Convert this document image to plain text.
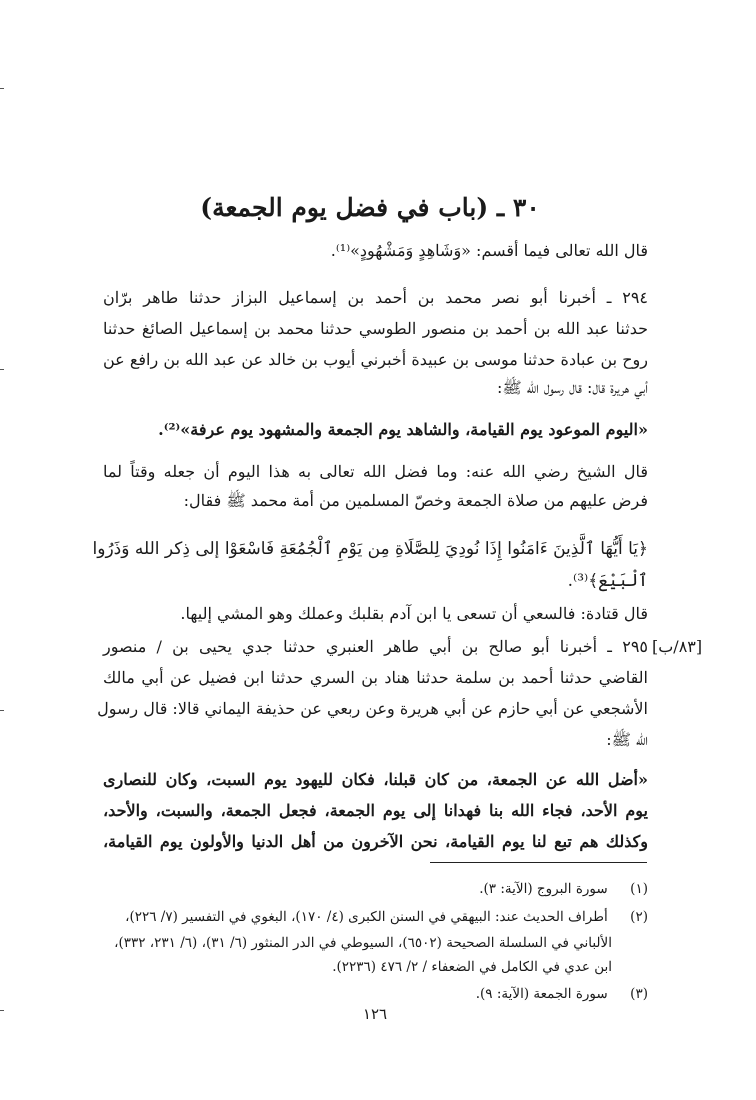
٣٠ ـ (باب في فضل يوم الجمعة)
قال الله تعالى فيما أقسم: «وَشَاهِدٍ وَمَشْهُودٍ»⁽¹⁾.
٢٩٤ ـ أخبرنا أبو نصر محمد بن أحمد بن إسماعيل البزاز حدثنا طاهر برّان
حدثنا عبد الله بن أحمد بن منصور الطوسي حدثنا محمد بن إسماعيل الصائغ حدثنا
روح بن عبادة حدثنا موسى بن عبيدة أخبرني أيوب بن خالد عن عبد الله بن رافع عن
أبي هريرة قال: قال رسول الله ﷺ:
«اليوم الموعود يوم القيامة، والشاهد يوم الجمعة والمشهود يوم عرفة»⁽²⁾.
قال الشيخ رضي الله عنه: وما فضل الله تعالى به هذا اليوم أن جعله وقتاً لما
فرض عليهم من صلاة الجمعة وخصّ المسلمين من أمة محمد ﷺ فقال:
﴿يَا أَيُّهَا ٱلَّذِينَ ءَامَنُوا إِذَا نُودِيَ لِلصَّلَاةِ مِن يَوْمِ ٱلْجُمُعَةِ فَاسْعَوْا إلى ذِكر الله وَذَرُوا
ٱلْبَيْعَ﴾⁽³⁾.
قال قتادة: فالسعي أن تسعى يا ابن آدم بقلبك وعملك وهو المشي إليها.
٢٩٥ ـ أخبرنا أبو صالح بن أبي طاهر العنبري حدثنا جدي يحيى بن / منصور
القاضي حدثنا أحمد بن سلمة حدثنا هناد بن السري حدثنا ابن فضيل عن أبي مالك
الأشجعي عن أبي حازم عن أبي هريرة وعن ربعي عن حذيفة اليماني قالا: قال رسول
الله ﷺ:
«أضل الله عن الجمعة، من كان قبلنا، فكان لليهود يوم السبت، وكان للنصارى
يوم الأحد، فجاء الله بنا فهدانا إلى يوم الجمعة، فجعل الجمعة، والسبت، والأحد،
وكذلك هم تبع لنا يوم القيامة، نحن الآخرون من أهل الدنيا والأولون يوم القيامة،
[٨٣/ب]
(١) سورة البروج (الآية: ٣).
(٢) أطراف الحديث عند: البيهقي في السنن الكبرى (٤/ ١٧٠)، البغوي في التفسير (٧/ ٢٢٦)،
الألباني في السلسلة الصحيحة (٦٥٠٢)، السيوطي في الدر المنثور (٦/ ٣١)، (٦/ ٢٣١، ٣٣٢)،
ابن عدي في الكامل في الضعفاء / ٢/ ٤٧٦ (٢٢٣٦).
(٣) سورة الجمعة (الآية: ٩).
١٢٦
